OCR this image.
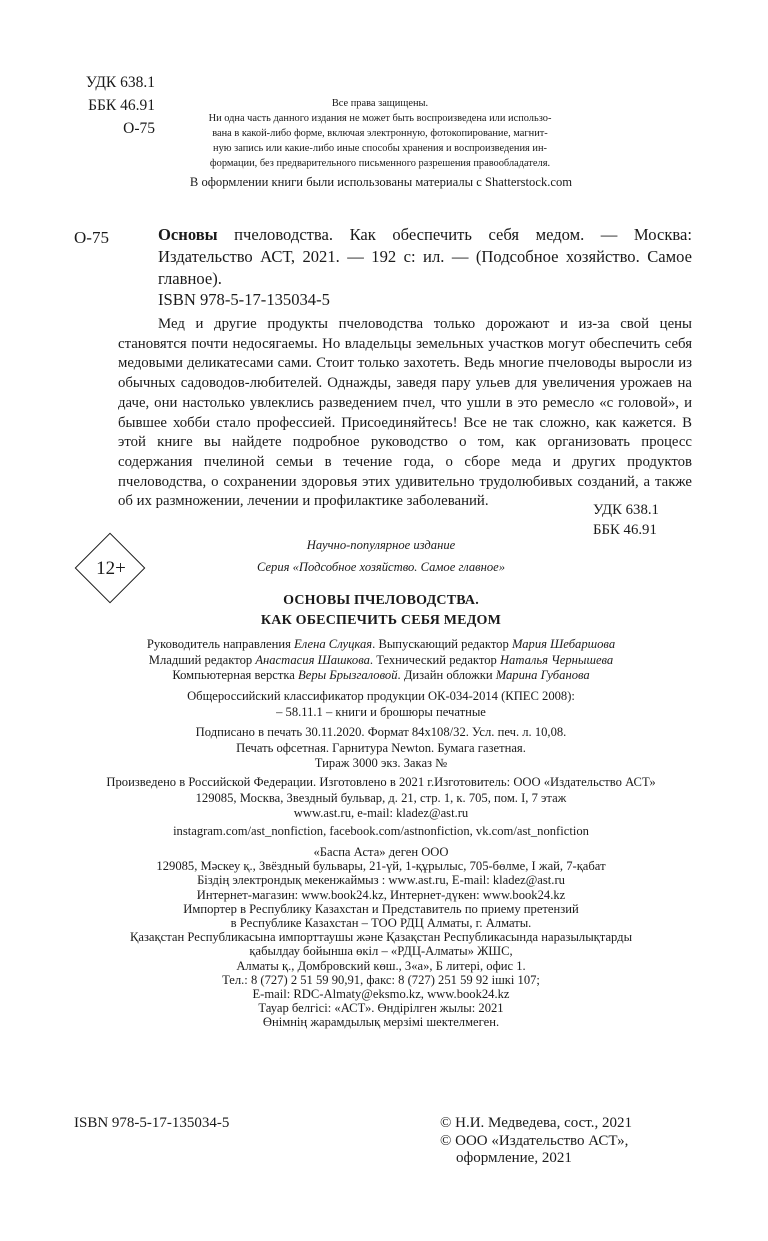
УДК 638.1
ББК 46.91
О-75
Все права защищены.
Ни одна часть данного издания не может быть воспроизведена или использо-
вана в какой-либо форме, включая электронную, фотокопирование, магнит-
ную запись или какие-либо иные способы хранения и воспроизведения ин-
формации, без предварительного письменного разрешения правообладателя.
В оформлении книги были использованы материалы с Shatterstock.com
О-75	Основы пчеловодства. Как обеспечить себя медом. — Москва: Издательство АСТ, 2021. — 192 с: ил. — (Подсобное хозяйство. Самое главное).
ISBN 978-5-17-135034-5
Мед и другие продукты пчеловодства только дорожают и из-за свой цены становятся почти недосягаемы. Но владельцы земельных участков могут обеспечить себя медовыми деликатесами сами. Стоит только захотеть. Ведь многие пчеловоды выросли из обычных садоводов-любителей. Однажды, заведя пару ульев для увеличения урожаев на даче, они настолько увлеклись разведением пчел, что ушли в это ремесло «с головой», и бывшее хобби стало профессией. Присоединяйтесь! Все не так сложно, как кажется. В этой книге вы найдете подробное руководство о том, как организовать процесс содержания пчелиной семьи в течение года, о сборе меда и других продуктов пчеловодства, о сохранении здоровья этих удивительно трудолюбивых созданий, а также об их размножении, лечении и профилактике заболеваний.
УДК 638.1
ББК 46.91
12+
Научно-популярное издание
Серия «Подсобное хозяйство. Самое главное»
ОСНОВЫ ПЧЕЛОВОДСТВА.
КАК ОБЕСПЕЧИТЬ СЕБЯ МЕДОМ
Руководитель направления Елена Слуцкая. Выпускающий редактор Мария Шебаршова
Младший редактор Анастасия Шашкова. Технический редактор Наталья Чернышева
Компьютерная верстка Веры Брызгаловой. Дизайн обложки Марина Губанова
Общероссийский классификатор продукции ОК-034-2014 (КПЕС 2008):
– 58.11.1 – книги и брошюры печатные
Подписано в печать 30.11.2020. Формат 84х108/32. Усл. печ. л. 10,08.
Печать офсетная. Гарнитура Newton. Бумага газетная.
Тираж 3000 экз. Заказ №
Произведено в Российской Федерации. Изготовлено в 2021 г.Изготовитель: ООО «Издательство АСТ»
129085, Москва, Звездный бульвар, д. 21, стр. 1, к. 705, пом. I, 7 этаж
www.ast.ru, e-mail: kladez@ast.ru
instagram.com/ast_nonfiction, facebook.com/astnonfiction, vk.com/ast_nonfiction
«Баспа Аста» деген ООО
129085, Мәскеу қ., Звёздный бульвары, 21-үй, 1-құрылыс, 705-бөлме, I жай, 7-қабат
Біздің электрондық мекенжаймыз : www.ast.ru, E-mail: kladez@ast.ru
Интернет-магазин: www.book24.kz, Интернет-дүкен: www.book24.kz
Импортер в Республику Казахстан и Представитель по приему претензий
в Республике Казахстан – ТОО РДЦ Алматы, г. Алматы.
Қазақстан Республикасына импорттаушы және Қазақстан Республикасында наразылықтарды
қабылдау бойынша өкіл – «РДЦ-Алматы» ЖШС,
Алматы қ., Домбровский көш., 3«а», Б литері, офис 1.
Тел.: 8 (727) 2 51 59 90,91, факс: 8 (727) 251 59 92 ішкі 107;
E-mail: RDC-Almaty@eksmo.kz, www.book24.kz
Тауар белгісі: «АСТ». Өндірілген жылы: 2021
Өнімнің жарамдылық мерзімі шектелмеген.
ISBN 978-5-17-135034-5	© Н.И. Медведева, сост., 2021
© ООО «Издательство АСТ»,
оформление, 2021
